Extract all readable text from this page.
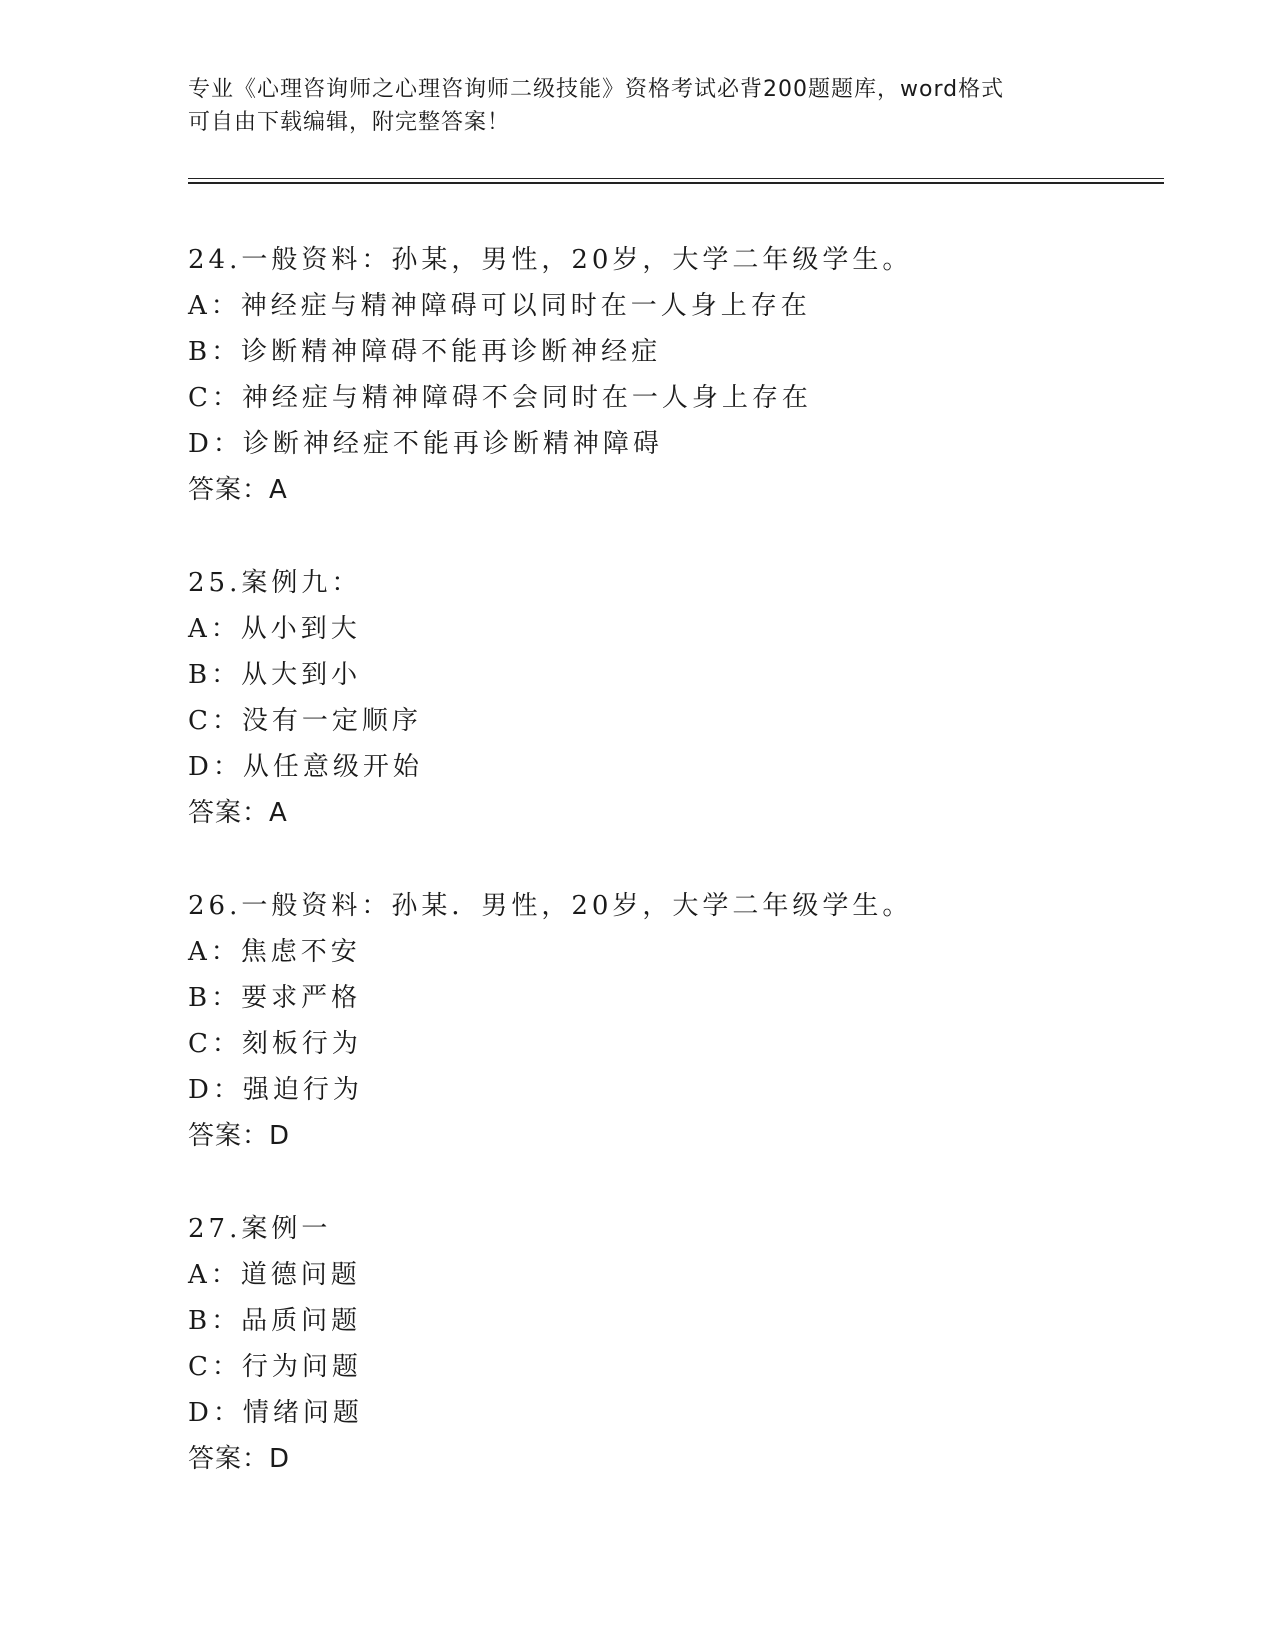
专业《心理咨询师之心理咨询师二级技能》资格考试必背200题题库，word格式
可自由下载编辑，附完整答案！
24.一般资料：孙某，男性，20岁，大学二年级学生。
A：神经症与精神障碍可以同时在一人身上存在
B：诊断精神障碍不能再诊断神经症
C：神经症与精神障碍不会同时在一人身上存在
D：诊断神经症不能再诊断精神障碍
答案：A
25.案例九：
A：从小到大
B：从大到小
C：没有一定顺序
D：从任意级开始
答案：A
26.一般资料：孙某．男性，20岁，大学二年级学生。
A：焦虑不安
B：要求严格
C：刻板行为
D：强迫行为
答案：D
27.案例一
A：道德问题
B：品质问题
C：行为问题
D：情绪问题
答案：D
